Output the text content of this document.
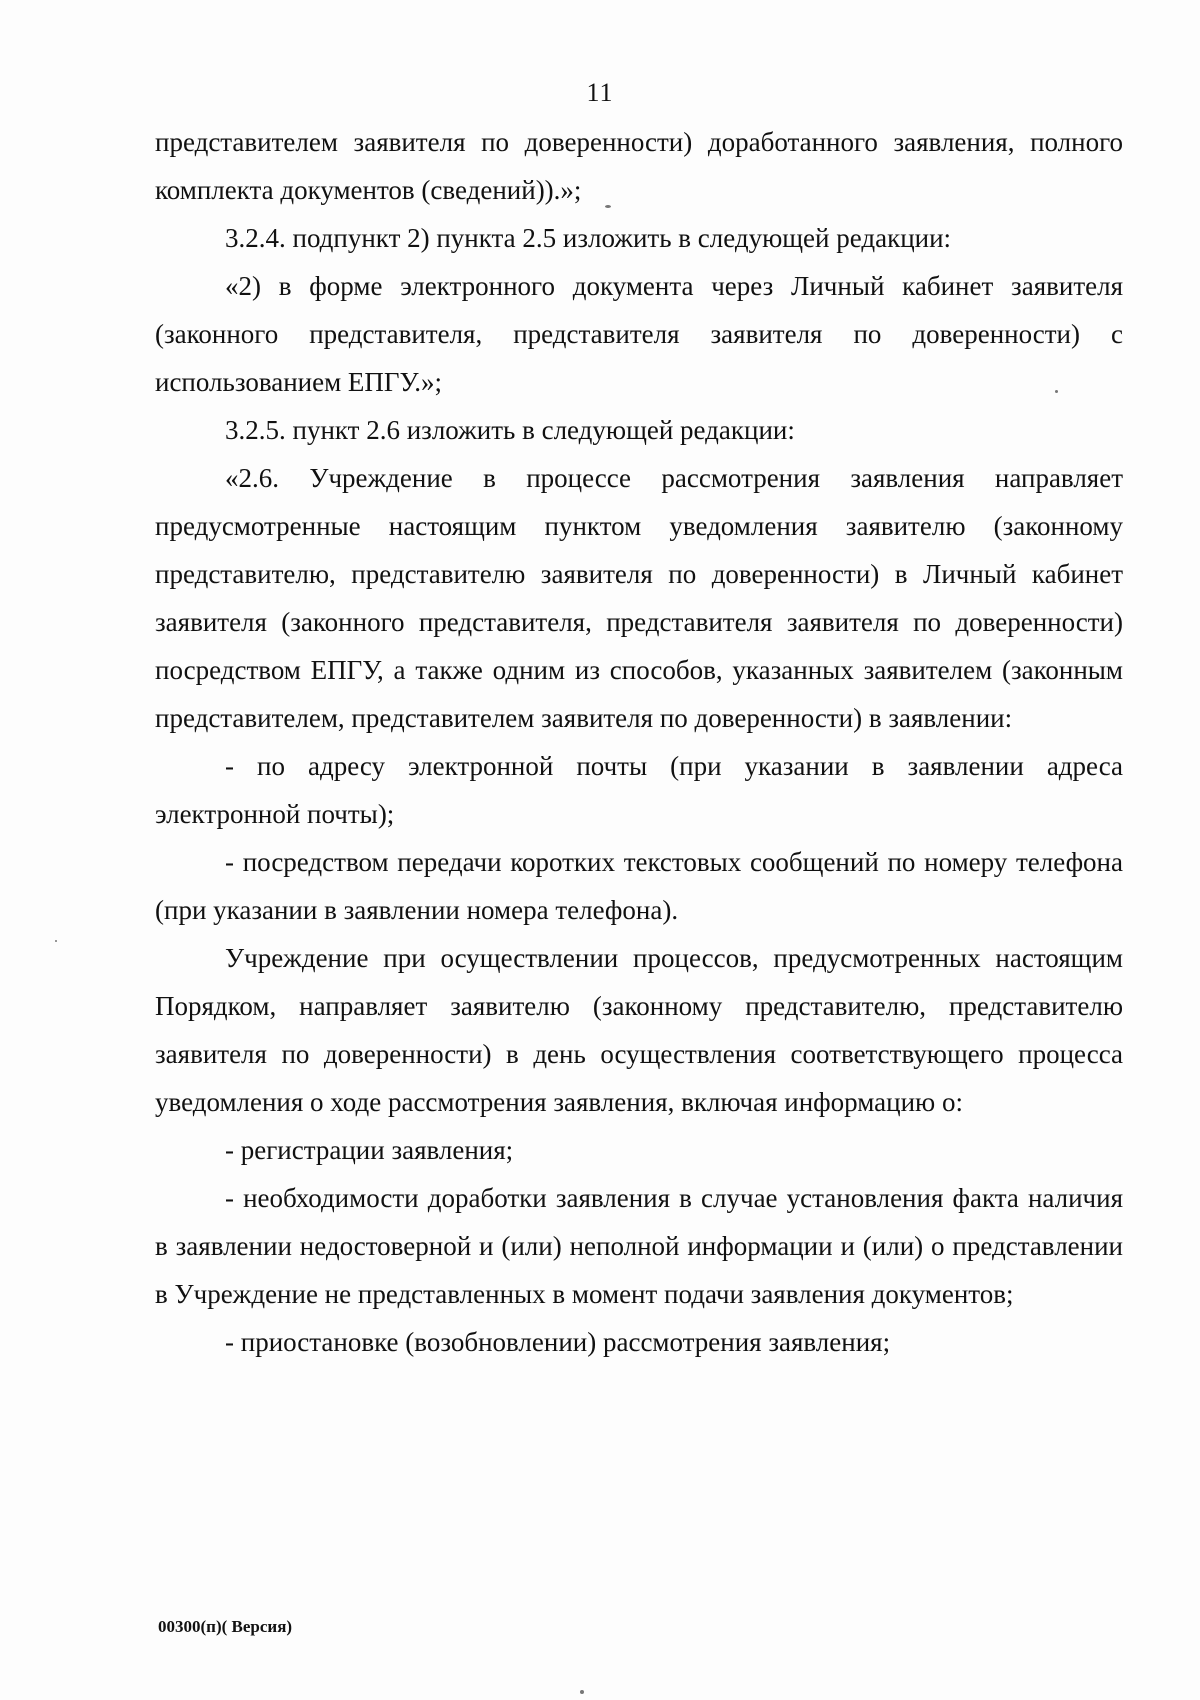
11

представителем заявителя по доверенности) доработанного заявления, полного комплекта документов (сведений)).»;

3.2.4. подпункт 2) пункта 2.5 изложить в следующей редакции:

«2) в форме электронного документа через Личный кабинет заявителя (законного представителя, представителя заявителя по доверенности) с использованием ЕПГУ.»;

3.2.5. пункт 2.6 изложить в следующей редакции:

«2.6. Учреждение в процессе рассмотрения заявления направляет предусмотренные настоящим пунктом уведомления заявителю (законному представителю, представителю заявителя по доверенности) в Личный кабинет заявителя (законного представителя, представителя заявителя по доверенности) посредством ЕПГУ, а также одним из способов, указанных заявителем (законным представителем, представителем заявителя по доверенности) в заявлении:

- по адресу электронной почты (при указании в заявлении адреса электронной почты);

- посредством передачи коротких текстовых сообщений по номеру телефона (при указании в заявлении номера телефона).

Учреждение при осуществлении процессов, предусмотренных настоящим Порядком, направляет заявителю (законному представителю, представителю заявителя по доверенности) в день осуществления соответствующего процесса уведомления о ходе рассмотрения заявления, включая информацию о:

- регистрации заявления;

- необходимости доработки заявления в случае установления факта наличия в заявлении недостоверной и (или) неполной информации и (или) о представлении в Учреждение не представленных в момент подачи заявления документов;

- приостановке (возобновлении) рассмотрения заявления;

00300(п)( Версия)
